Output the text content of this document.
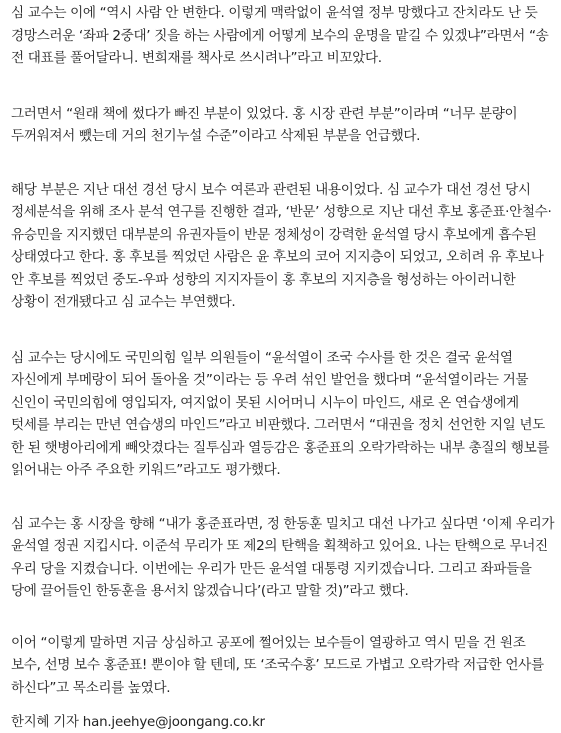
심 교수는 이에 “역시 사람 안 변한다. 이렇게 맥락없이 윤석열 정부 망했다고 잔치라도 난 듯 경망스러운 ‘좌파 2중대’ 짓을 하는 사람에게 어떻게 보수의 운명을 맡길 수 있겠냐”라면서 “송 전 대표를 풀어달라니. 변희재를 책사로 쓰시려나”라고 비꼬았다.

그러면서 “원래 책에 썼다가 빠진 부분이 있었다. 홍 시장 관련 부분”이라며 “너무 분량이 두꺼워져서 뺐는데 거의 천기누설 수준”이라고 삭제된 부분을 언급했다.

해당 부분은 지난 대선 경선 당시 보수 여론과 관련된 내용이었다. 심 교수가 대선 경선 당시 정세분석을 위해 조사 분석 연구를 진행한 결과, ‘반문’ 성향으로 지난 대선 후보 홍준표·안철수·유승민을 지지했던 대부분의 유권자들이 반문 정체성이 강력한 윤석열 당시 후보에게 흡수된 상태였다고 한다. 홍 후보를 찍었던 사람은 윤 후보의 코어 지지층이 되었고, 오히려 유 후보나 안 후보를 찍었던 중도-우파 성향의 지지자들이 홍 후보의 지지층을 형성하는 아이러니한 상황이 전개됐다고 심 교수는 부연했다.

심 교수는 당시에도 국민의힘 일부 의원들이 “윤석열이 조국 수사를 한 것은 결국 윤석열 자신에게 부메랑이 되어 돌아올 것”이라는 등 우려 섞인 발언을 했다며 “윤석열이라는 거물 신인이 국민의힘에 영입되자, 여지없이 못된 시어머니 시누이 마인드, 새로 온 연습생에게 텃세를 부리는 만년 연습생의 마인드”라고 비판했다. 그러면서 “대권을 정치 선언한 지일 년도 한 된 햇병아리에게 빼앗겼다는 질투심과 열등감은 홍준표의 오락가락하는 내부 총질의 행보를 읽어내는 아주 주요한 키워드”라고도 평가했다.

심 교수는 홍 시장을 향해 “내가 홍준표라면, 정 한동훈 밀치고 대선 나가고 싶다면 ‘이제 우리가 윤석열 정권 지킵시다. 이준석 무리가 또 제2의 탄핵을 획책하고 있어요. 나는 탄핵으로 무너진 우리 당을 지켰습니다. 이번에는 우리가 만든 윤석열 대통령 지키겠습니다. 그리고 좌파들을 당에 끌어들인 한동훈을 용서치 않겠습니다’(라고 말할 것)”라고 했다.

이어 “이렇게 말하면 지금 상심하고 공포에 쩔어있는 보수들이 열광하고 역시 믿을 건 원조 보수, 선명 보수 홍준표! 뿐이야 할 텐데, 또 ‘조국수홍’ 모드로 가볍고 오락가락 저급한 언사를 하신다”고 목소리를 높였다.

한지혜 기자 han.jeehye@joongang.co.kr
